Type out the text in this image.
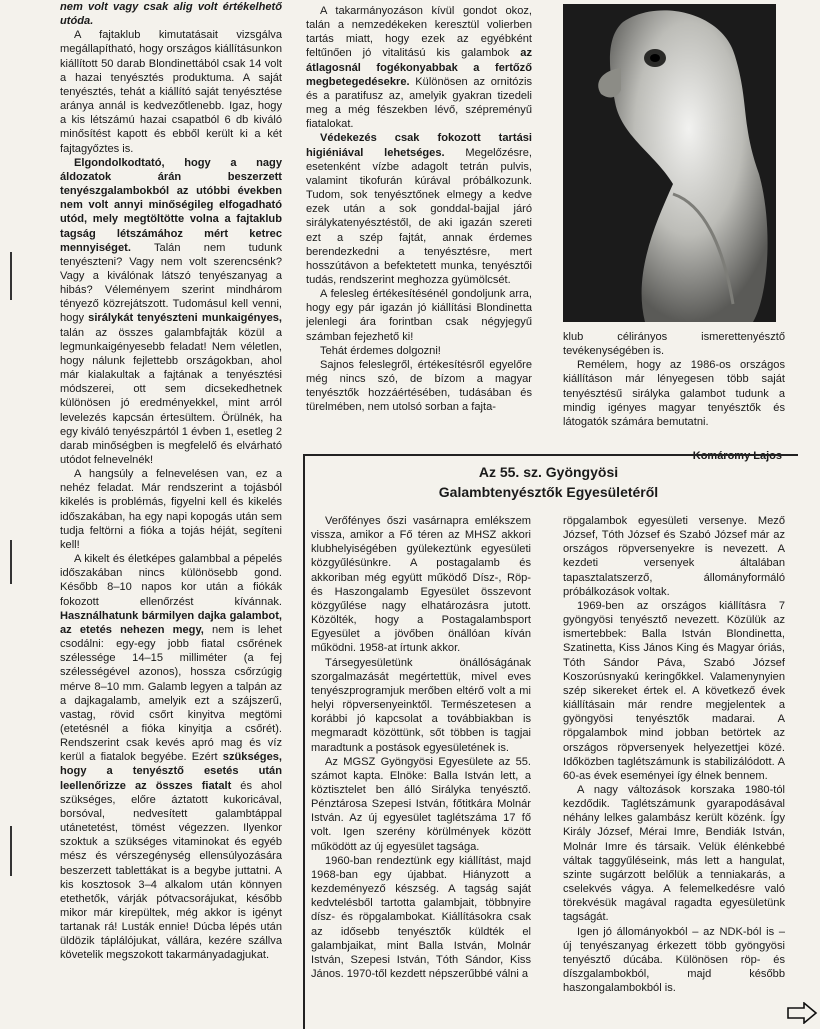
nem volt vagy csak alig volt értékelhető utóda.

A fajtaklub kimutatásait vizsgálva megállapítható, hogy országos kiállításunkon kiállított 50 darab Blondinettából csak 14 volt a hazai tenyésztés produktuma. A saját tenyésztés, tehát a kiállító saját tenyésztése aránya annál is kedvezőtlenebb. Igaz, hogy a kis létszámú hazai csapatból 6 db kiváló minősítést kapott és ebből került ki a két fajtagyőztes is.

Elgondolkodtató, hogy a nagy áldozatok árán beszerzett tenyészgalambokból az utóbbi években nem volt annyi minőségileg elfogadható utód, mely megtöltötte volna a fajtaklub tagság létszámához mért ketrec mennyiséget. Talán nem tudunk tenyészteni? Vagy nem volt szerencsénk? Vagy a kiválónak látszó tenyészanyag a hibás? Véleményem szerint mindhárom tényező közrejátszott. Tudomásul kell venni, hogy sirálykát tenyészteni munkaigényes, talán az összes galambfajták közül a legmunkaigényesebb feladat! Nem véletlen, hogy nálunk fejlettebb országokban, ahol már kialakultak a fajtának a tenyésztési módszerei, ott sem dicsekedhetnek különösen jó eredményekkel, mint arról levelezés kapcsán értesültem. Örülnék, ha egy kiváló tenyészpártól 1 évben 1, esetleg 2 darab minőségben is megfelelő és elvárható utódot felnevelnék!

A hangsúly a felnevelésen van, ez a nehéz feladat. Már rendszerint a tojásból kikelés is problémás, figyelni kell és kikelés időszakában, ha egy napi kopogás után sem tudja feltörni a fióka a tojás héját, segíteni kell!

A kikelt és életképes galambbal a pépelés időszakában nincs különösebb gond. Később 8–10 napos kor után a fiókák fokozott ellenőrzést kívánnak. Használhatunk bármilyen dajka galambot, az etetés nehezen megy, nem is lehet csodálni: egy-egy jobb fiatal csőrének szélessége 14–15 milliméter (a fej szélességével azonos), hossza csőrzúgig mérve 8–10 mm. Galamb legyen a talpán az a dajkagalamb, amelyik ezt a szájszerű, vastag, rövid csőrt kinyitva megtömi (etetésnél a fióka kinyitja a csőrét). Rendszerint csak kevés apró mag és víz kerül a fiatalok begyébe. Ezért szükséges, hogy a tenyésztő esetés után leellenőrizze az összes fiatalt és ahol szükséges, előre áztatott kukoricával, borsóval, nedvesített galambtáppal utánetetést, tömést végezzen. Ilyenkor szoktuk a szükséges vitaminokat és egyéb mész és vérszegénység ellensúlyozására beszerzett tablettákat is a begybe juttatni. A kis kosztosok 3–4 alkalom után könnyen etethetők, várják pótvacsorájukat, később mikor már kirepültek, még akkor is igényt tartanak rá! Lusták ennie! Dúcba lépés után üldözik táplálójukat, vállára, kezére szállva követelik megszokott takarmányadagjukat.

A takarmányozáson kívül gondot okoz, talán a nemzedékeken keresztül volierben tartás miatt, hogy ezek az egyébként feltűnően jó vitalitású kis galambok az átlagosnál fogékonyabbak a fertőző megbetegedésekre. Különösen az ornitózis és a paratifusz az, amelyik gyakran tizedeli meg a még fészekben lévő, szépreményű fiatalokat.

Védekezés csak fokozott tartási higiéniával lehetséges. Megelőzésre, esetenként vízbe adagolt tetrán pulvis, valamint tikofurán kúrával próbálkozunk. Tudom, sok tenyésztőnek elmegy a kedve ezek után a sok gonddal-bajjal járó sirálykatenyésztéstől, de aki igazán szereti ezt a szép fajtát, annak érdemes berendezkedni a tenyésztésre, mert hosszútávon a befektetett munka, tenyésztői tudás, rendszerint meghozza gyümölcsét.

A felesleg értékesítésénél gondoljunk arra, hogy egy pár igazán jó kiállítási Blondinetta jelenlegi ára forintban csak négyjegyű számban fejezhető ki!

Tehát érdemes dolgozni!

Sajnos feleslegről, értékesítésről egyelőre még nincs szó, de bízom a magyar tenyésztők hozzáértésében, tudásában és türelmében, nem utolsó sorban a fajta-

klub célirányos ismerettenyésztő tevékenységében is.

Remélem, hogy az 1986-os országos kiállításon már lényegesen több saját tenyésztésű sirályka galambot tudunk a mindig igényes magyar tenyésztők és látogatók számára bemutatni.

Komáromy Lajos
Az 55. sz. Gyöngyösi
Galambtenyésztők Egyesületéről

Verőfényes őszi vasárnapra emlékszem vissza, amikor a Fő téren az MHSZ akkori klubhelyiségében gyülekeztünk egyesületi közgyűlésünkre. A postagalamb és akkoriban még együtt működő Dísz-, Röp- és Haszongalamb Egyesület összevont közgyűlése nagy elhatározásra jutott. Közölték, hogy a Postagalambsport Egyesület a jövőben önállóan kíván működni. 1958-at írtunk akkor.

Társegyesületünk önállóságának szorgalmazását megértettük, mivel eves tenyészprogramjuk merőben eltérő volt a mi helyi röpversenyeinktől. Természetesen a korábbi jó kapcsolat a továbbiakban is megmaradt közöttünk, sőt többen is tagjai maradtunk a postások egyesületének is.

Az MGSZ Gyöngyösi Egyesülete az 55. számot kapta. Elnöke: Balla István lett, a köztisztelet ben álló Sirályka tenyésztő. Pénztárosa Szepesi István, főtitkára Molnár István. Az új egyesület taglétszáma 17 fő volt. Igen szerény körülmények között működött az új egyesület tagsága.

1960-ban rendeztünk egy kiállítást, majd 1968-ban egy újabbat. Hiányzott a kezdeményező készség. A tagság saját kedvtelésből tartotta galambjait, többnyire dísz- és röpgalambokat. Kiállításokra csak az idősebb tenyésztők küldték el galambjaikat, mint Balla István, Molnár István, Szepesi István, Tóth Sándor, Kiss János. 1970-től kezdett népszerűbbé válni a

röpgalambok egyesületi versenye. Mező József, Tóth József és Szabó József már az országos röpversenyekre is nevezett. A kezdeti versenyek általában tapasztalatszerző, állományformáló próbálkozások voltak.

1969-ben az országos kiállításra 7 gyöngyösi tenyésztő nevezett. Közülük az ismertebbek: Balla István Blondinetta, Szatinetta, Kiss János King és Magyar óriás, Tóth Sándor Páva, Szabó József Koszorúsnyakú keringőkkel. Valamenynyien szép sikereket értek el. A következő évek kiállításain már rendre megjelentek a gyöngyösi tenyésztők madarai. A röpgalambok mind jobban betörtek az országos röpversenyek helyezettjei közé. Időközben taglétszámunk is stabilizálódott. A 60-as évek eseményei így élnek bennem.

A nagy változások korszaka 1980-tól kezdődik. Taglétszámunk gyarapodásával néhány lelkes galambász került közénk. Így Király József, Mérai Imre, Bendiák István, Molnár Imre és társaik. Velük élénkebbé váltak taggyűléseink, más lett a hangulat, szinte sugárzott belőlük a tenniakarás, a cselekvés vágya. A felemelkedésre való törekvésük magával ragadta egyesületünk tagságát.

Igen jó állományokból – az NDK-ból is – új tenyészanyag érkezett több gyöngyösi tenyésztő dúcába. Különösen röp- és díszgalambokból, majd később haszongalambokból is.
